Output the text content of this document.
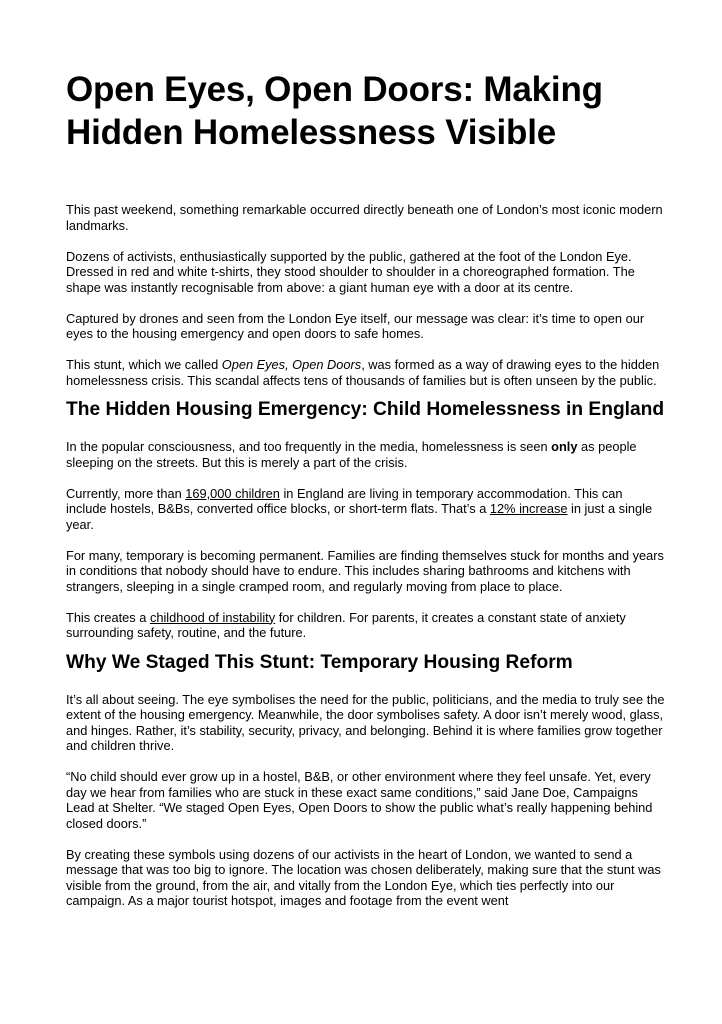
Open Eyes, Open Doors: Making Hidden Homelessness Visible

This past weekend, something remarkable occurred directly beneath one of London’s most iconic modern landmarks.

Dozens of activists, enthusiastically supported by the public, gathered at the foot of the London Eye. Dressed in red and white t-shirts, they stood shoulder to shoulder in a choreographed formation. The shape was instantly recognisable from above: a giant human eye with a door at its centre.

Captured by drones and seen from the London Eye itself, our message was clear: it’s time to open our eyes to the housing emergency and open doors to safe homes.

This stunt, which we called Open Eyes, Open Doors, was formed as a way of drawing eyes to the hidden homelessness crisis. This scandal affects tens of thousands of families but is often unseen by the public.

The Hidden Housing Emergency: Child Homelessness in England

In the popular consciousness, and too frequently in the media, homelessness is seen only as people sleeping on the streets. But this is merely a part of the crisis.

Currently, more than 169,000 children in England are living in temporary accommodation. This can include hostels, B&Bs, converted office blocks, or short-term flats. That’s a 12% increase in just a single year.

For many, temporary is becoming permanent. Families are finding themselves stuck for months and years in conditions that nobody should have to endure. This includes sharing bathrooms and kitchens with strangers, sleeping in a single cramped room, and regularly moving from place to place.

This creates a childhood of instability for children. For parents, it creates a constant state of anxiety surrounding safety, routine, and the future.

Why We Staged This Stunt: Temporary Housing Reform

It’s all about seeing. The eye symbolises the need for the public, politicians, and the media to truly see the extent of the housing emergency. Meanwhile, the door symbolises safety. A door isn’t merely wood, glass, and hinges. Rather, it’s stability, security, privacy, and belonging. Behind it is where families grow together and children thrive.

“No child should ever grow up in a hostel, B&B, or other environment where they feel unsafe. Yet, every day we hear from families who are stuck in these exact same conditions,” said Jane Doe, Campaigns Lead at Shelter. “We staged Open Eyes, Open Doors to show the public what’s really happening behind closed doors.”

By creating these symbols using dozens of our activists in the heart of London, we wanted to send a message that was too big to ignore. The location was chosen deliberately, making sure that the stunt was visible from the ground, from the air, and vitally from the London Eye, which ties perfectly into our campaign. As a major tourist hotspot, images and footage from the event went
